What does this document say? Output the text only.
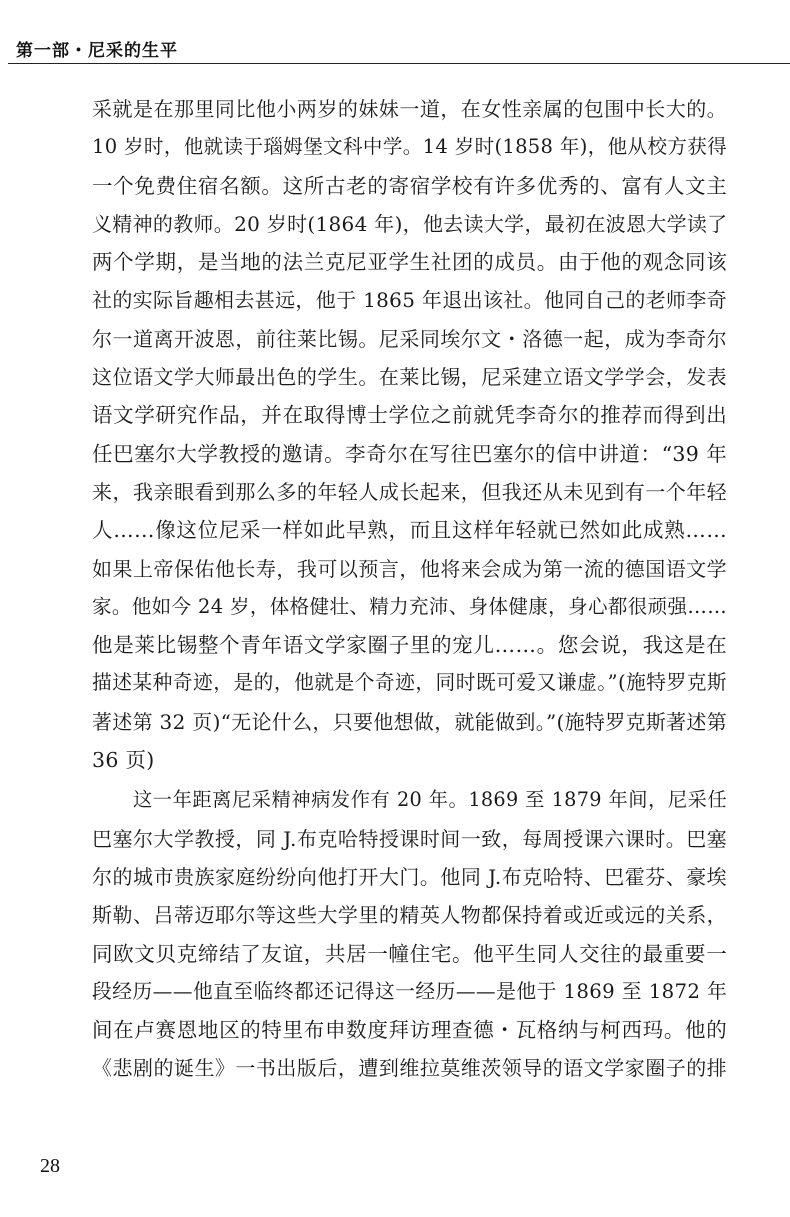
第一部・尼采的生平
采就是在那里同比他小两岁的妹妹一道，在女性亲属的包围中长大的。
10 岁时，他就读于瑙姆堡文科中学。14 岁时(1858 年)，他从校方获得
一个免费住宿名额。这所古老的寄宿学校有许多优秀的、富有人文主
义精神的教师。20 岁时(1864 年)，他去读大学，最初在波恩大学读了
两个学期，是当地的法兰克尼亚学生社团的成员。由于他的观念同该
社的实际旨趣相去甚远，他于 1865 年退出该社。他同自己的老师李奇
尔一道离开波恩，前往莱比锡。尼采同埃尔文・洛德一起，成为李奇尔
这位语文学大师最出色的学生。在莱比锡，尼采建立语文学学会，发表
语文学研究作品，并在取得博士学位之前就凭李奇尔的推荐而得到出
任巴塞尔大学教授的邀请。李奇尔在写往巴塞尔的信中讲道：“39 年
来，我亲眼看到那么多的年轻人成长起来，但我还从未见到有一个年轻
人……像这位尼采一样如此早熟，而且这样年轻就已然如此成熟……
如果上帝保佑他长寿，我可以预言，他将来会成为第一流的德国语文学
家。他如今 24 岁，体格健壮、精力充沛、身体健康，身心都很顽强……
他是莱比锡整个青年语文学家圈子里的宠儿……。您会说，我这是在
描述某种奇迹，是的，他就是个奇迹，同时既可爱又谦虚。”(施特罗克斯
著述第 32 页)“无论什么，只要他想做，就能做到。”(施特罗克斯著述第
36 页)
这一年距离尼采精神病发作有 20 年。1869 至 1879 年间，尼采任
巴塞尔大学教授，同 J.布克哈特授课时间一致，每周授课六课时。巴塞
尔的城市贵族家庭纷纷向他打开大门。他同 J.布克哈特、巴霍芬、豪埃
斯勒、吕蒂迈耶尔等这些大学里的精英人物都保持着或近或远的关系，
同欧文贝克缔结了友谊，共居一幢住宅。他平生同人交往的最重要一
段经历——他直至临终都还记得这一经历——是他于 1869 至 1872 年
间在卢赛恩地区的特里布申数度拜访理查德・瓦格纳与柯西玛。他的
《悲剧的诞生》一书出版后，遭到维拉莫维茨领导的语文学家圈子的排
28
